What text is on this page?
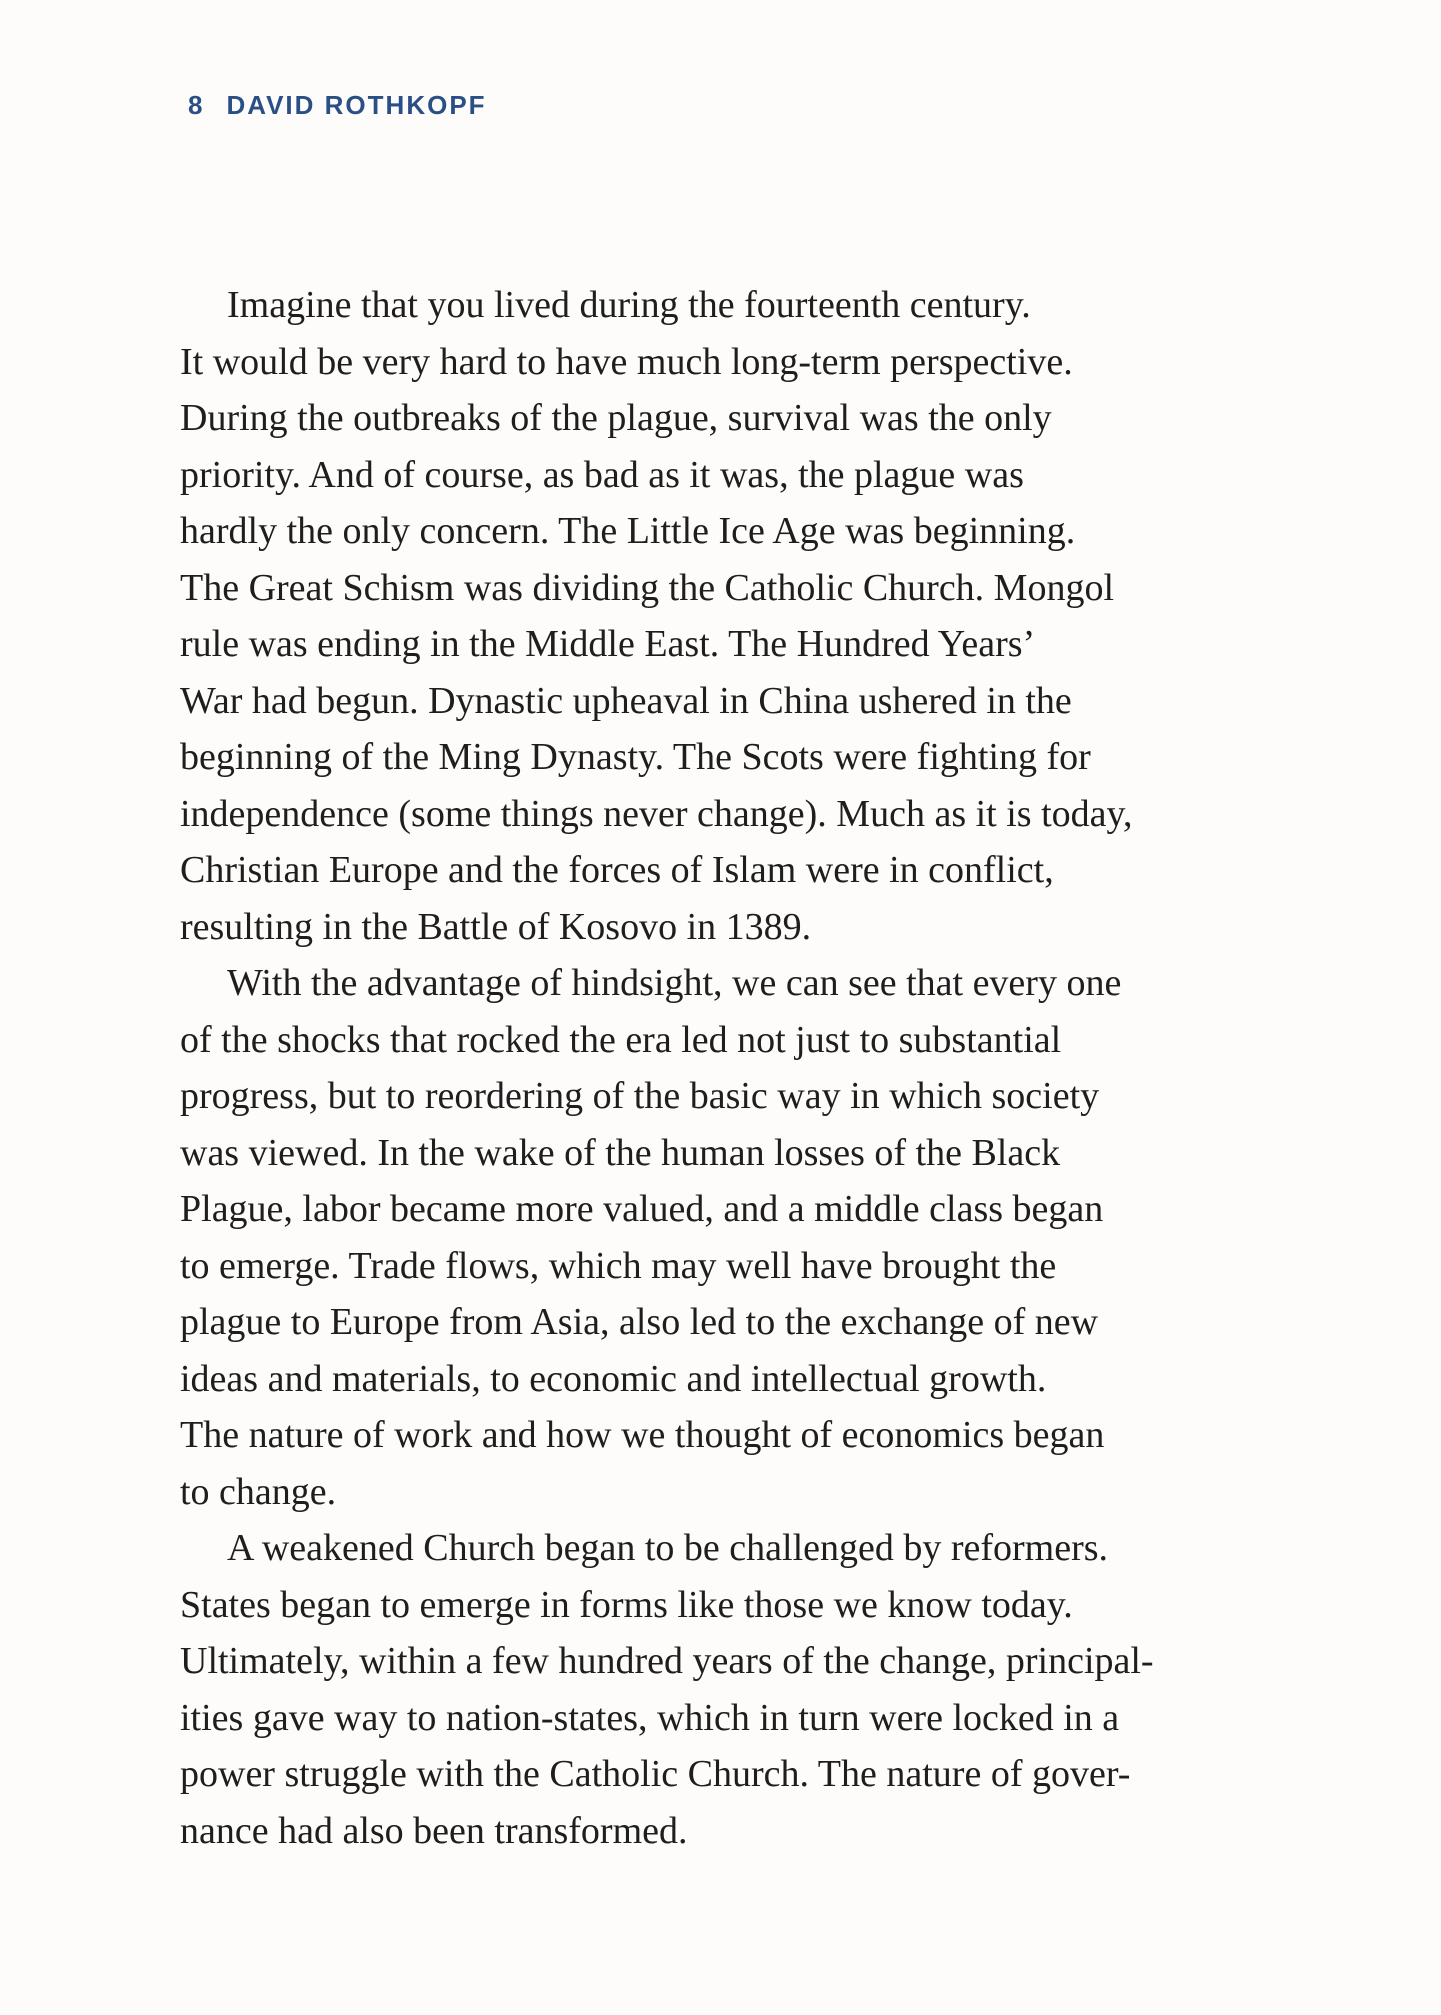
8 DAVID ROTHKOPF
Imagine that you lived during the fourteenth century.
It would be very hard to have much long-term perspective.
During the outbreaks of the plague, survival was the only
priority. And of course, as bad as it was, the plague was
hardly the only concern. The Little Ice Age was beginning.
The Great Schism was dividing the Catholic Church. Mongol
rule was ending in the Middle East. The Hundred Years’
War had begun. Dynastic upheaval in China ushered in the
beginning of the Ming Dynasty. The Scots were fighting for
independence (some things never change). Much as it is today,
Christian Europe and the forces of Islam were in conflict,
resulting in the Battle of Kosovo in 1389.
With the advantage of hindsight, we can see that every one
of the shocks that rocked the era led not just to substantial
progress, but to reordering of the basic way in which society
was viewed. In the wake of the human losses of the Black
Plague, labor became more valued, and a middle class began
to emerge. Trade flows, which may well have brought the
plague to Europe from Asia, also led to the exchange of new
ideas and materials, to economic and intellectual growth.
The nature of work and how we thought of economics began
to change.
A weakened Church began to be challenged by reformers.
States began to emerge in forms like those we know today.
Ultimately, within a few hundred years of the change, principal-
ities gave way to nation-states, which in turn were locked in a
power struggle with the Catholic Church. The nature of gover-
nance had also been transformed.
